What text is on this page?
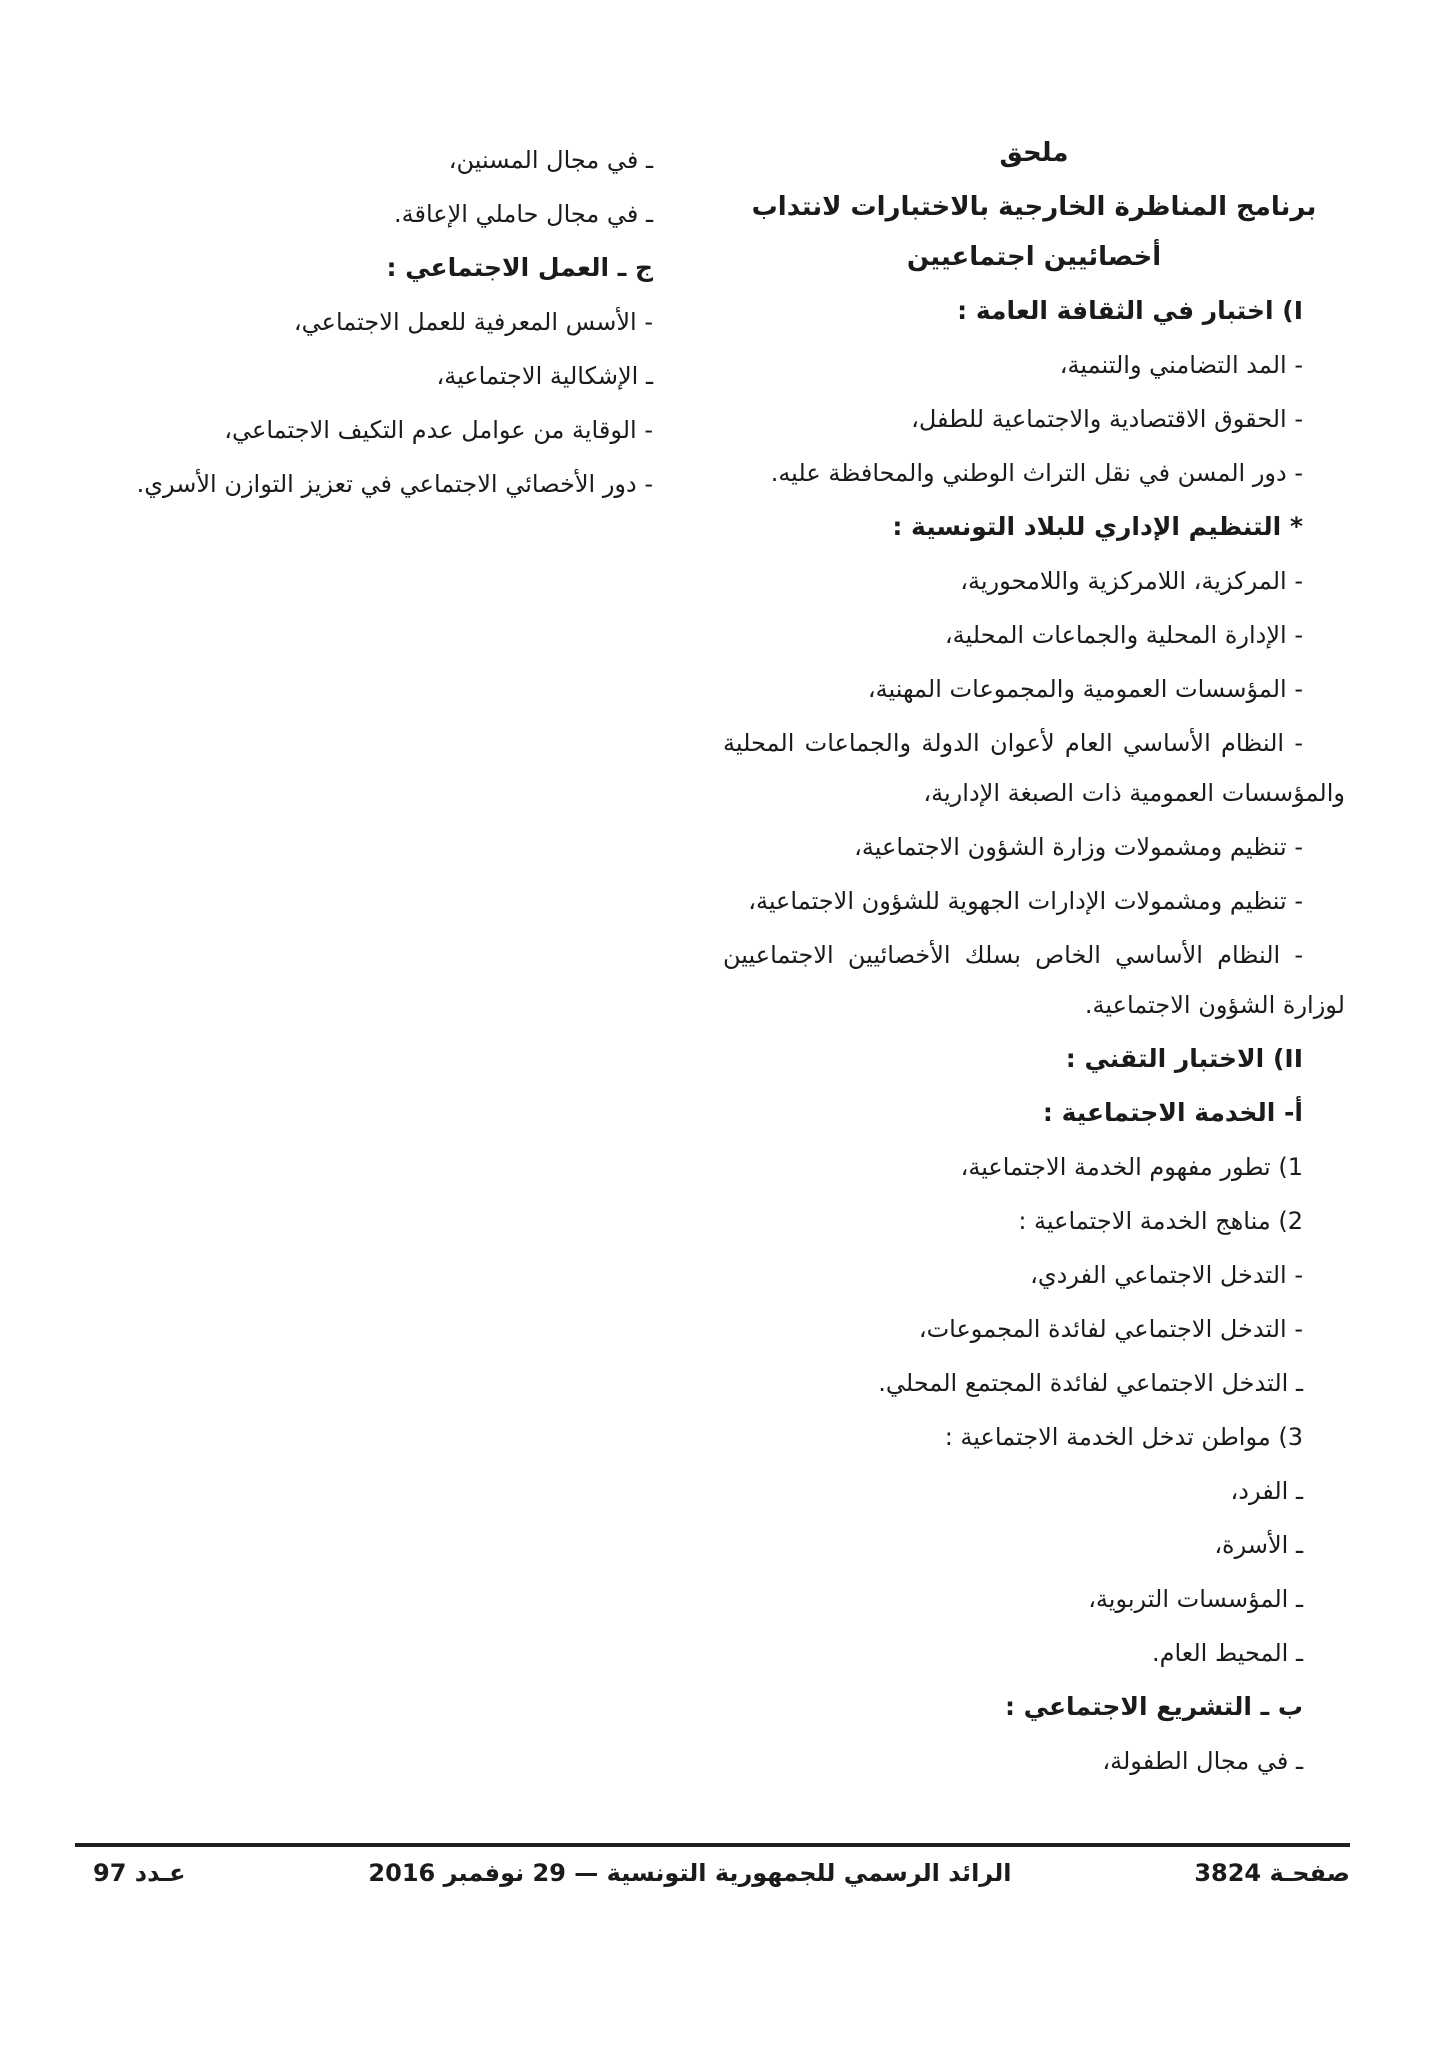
ملحق

برنامج المناظرة الخارجية بالاختبارات لانتداب أخصائيين اجتماعيين

I) اختبار في الثقافة العامة :

- المد التضامني والتنمية،

- الحقوق الاقتصادية والاجتماعية للطفل،

- دور المسن في نقل التراث الوطني والمحافظة عليه.

* التنظيم الإداري للبلاد التونسية :

- المركزية، اللامركزية واللامحورية،

- الإدارة المحلية والجماعات المحلية،

- المؤسسات العمومية والمجموعات المهنية،

- النظام الأساسي العام لأعوان الدولة والجماعات المحلية والمؤسسات العمومية ذات الصبغة الإدارية،

- تنظيم ومشمولات وزارة الشؤون الاجتماعية،

- تنظيم ومشمولات الإدارات الجهوية للشؤون الاجتماعية،

- النظام الأساسي الخاص بسلك الأخصائيين الاجتماعيين لوزارة الشؤون الاجتماعية.

II) الاختبار التقني :

أ- الخدمة الاجتماعية :

1) تطور مفهوم الخدمة الاجتماعية،

2) مناهج الخدمة الاجتماعية :

- التدخل الاجتماعي الفردي،

- التدخل الاجتماعي لفائدة المجموعات،

ـ التدخل الاجتماعي لفائدة المجتمع المحلي.

3) مواطن تدخل الخدمة الاجتماعية :

ـ الفرد،

ـ الأسرة،

ـ المؤسسات التربوية،

ـ المحيط العام.

ب ـ التشريع الاجتماعي :

ـ في مجال الطفولة،

ـ في مجال المسنين،

ـ في مجال حاملي الإعاقة.

ج ـ العمل الاجتماعي :

- الأسس المعرفية للعمل الاجتماعي،

ـ الإشكالية الاجتماعية،

- الوقاية من عوامل عدم التكيف الاجتماعي،

- دور الأخصائي الاجتماعي في تعزيز التوازن الأسري.

صفحـة 3824
الرائد الرسمي للجمهورية التونسية — 29 نوفمبر 2016
عـدد 97
